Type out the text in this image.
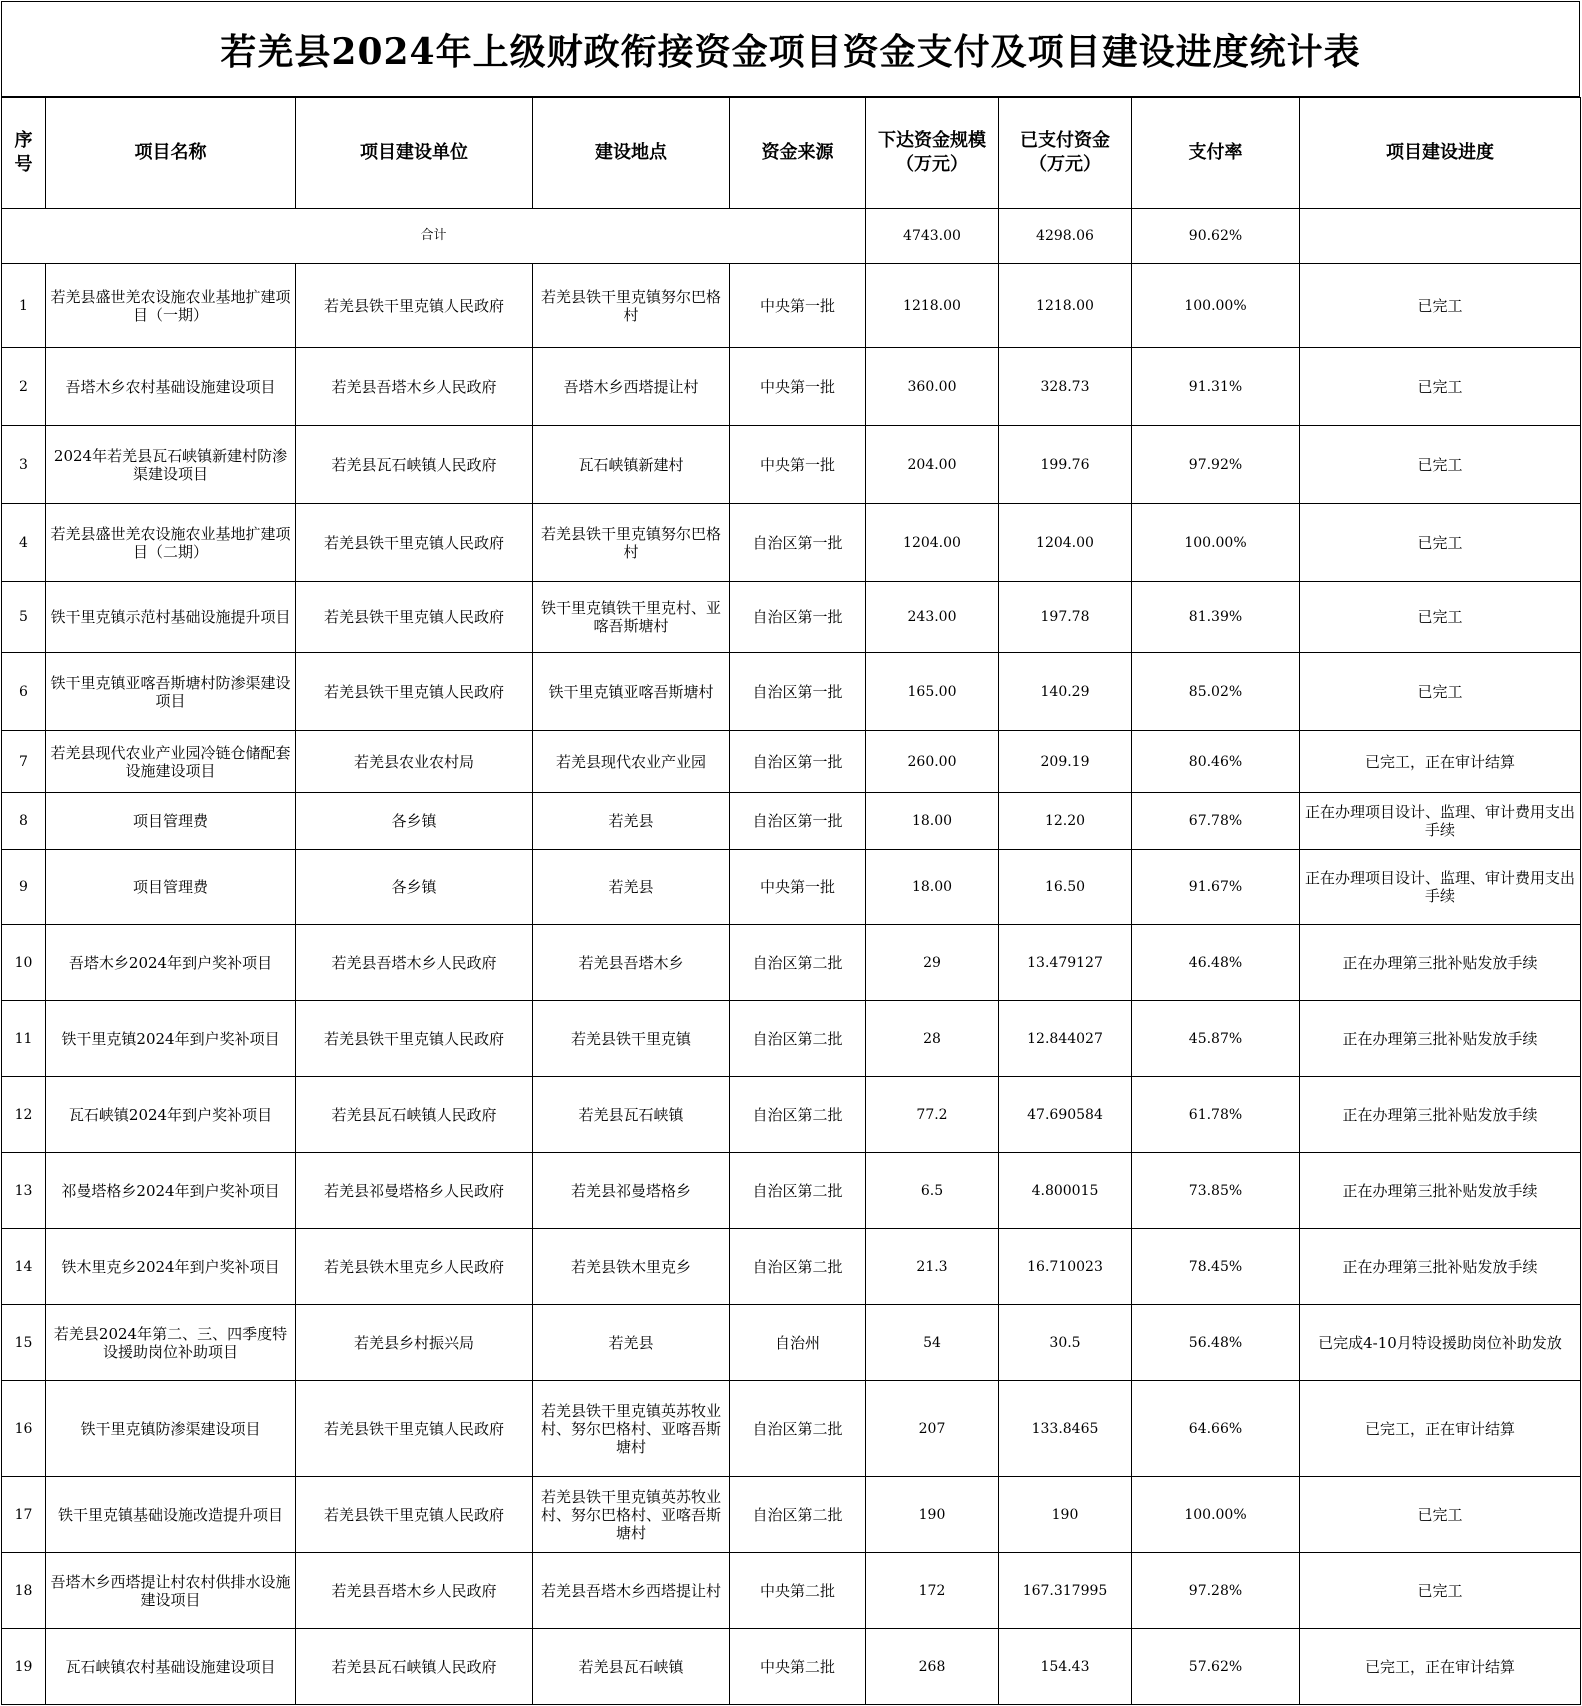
若羌县2024年上级财政衔接资金项目资金支付及项目建设进度统计表
序号	项目名称	项目建设单位	建设地点	资金来源	下达资金规模（万元）	已支付资金（万元）	支付率	项目建设进度
合计					4743.00	4298.06	90.62%	
1	若羌县盛世羌农设施农业基地扩建项目（一期）	若羌县铁干里克镇人民政府	若羌县铁干里克镇努尔巴格村	中央第一批	1218.00	1218.00	100.00%	已完工
2	吾塔木乡农村基础设施建设项目	若羌县吾塔木乡人民政府	吾塔木乡西塔提让村	中央第一批	360.00	328.73	91.31%	已完工
3	2024年若羌县瓦石峡镇新建村防渗渠建设项目	若羌县瓦石峡镇人民政府	瓦石峡镇新建村	中央第一批	204.00	199.76	97.92%	已完工
4	若羌县盛世羌农设施农业基地扩建项目（二期）	若羌县铁干里克镇人民政府	若羌县铁干里克镇努尔巴格村	自治区第一批	1204.00	1204.00	100.00%	已完工
5	铁干里克镇示范村基础设施提升项目	若羌县铁干里克镇人民政府	铁干里克镇铁干里克村、亚喀吾斯塘村	自治区第一批	243.00	197.78	81.39%	已完工
6	铁干里克镇亚喀吾斯塘村防渗渠建设项目	若羌县铁干里克镇人民政府	铁干里克镇亚喀吾斯塘村	自治区第一批	165.00	140.29	85.02%	已完工
7	若羌县现代农业产业园冷链仓储配套设施建设项目	若羌县农业农村局	若羌县现代农业产业园	自治区第一批	260.00	209.19	80.46%	已完工，正在审计结算
8	项目管理费	各乡镇	若羌县	自治区第一批	18.00	12.20	67.78%	正在办理项目设计、监理、审计费用支出手续
9	项目管理费	各乡镇	若羌县	中央第一批	18.00	16.50	91.67%	正在办理项目设计、监理、审计费用支出手续
10	吾塔木乡2024年到户奖补项目	若羌县吾塔木乡人民政府	若羌县吾塔木乡	自治区第二批	29	13.479127	46.48%	正在办理第三批补贴发放手续
11	铁干里克镇2024年到户奖补项目	若羌县铁干里克镇人民政府	若羌县铁干里克镇	自治区第二批	28	12.844027	45.87%	正在办理第三批补贴发放手续
12	瓦石峡镇2024年到户奖补项目	若羌县瓦石峡镇人民政府	若羌县瓦石峡镇	自治区第二批	77.2	47.690584	61.78%	正在办理第三批补贴发放手续
13	祁曼塔格乡2024年到户奖补项目	若羌县祁曼塔格乡人民政府	若羌县祁曼塔格乡	自治区第二批	6.5	4.800015	73.85%	正在办理第三批补贴发放手续
14	铁木里克乡2024年到户奖补项目	若羌县铁木里克乡人民政府	若羌县铁木里克乡	自治区第二批	21.3	16.710023	78.45%	正在办理第三批补贴发放手续
15	若羌县2024年第二、三、四季度特设援助岗位补助项目	若羌县乡村振兴局	若羌县	自治州	54	30.5	56.48%	已完成4-10月特设援助岗位补助发放
16	铁干里克镇防渗渠建设项目	若羌县铁干里克镇人民政府	若羌县铁干里克镇英苏牧业村、努尔巴格村、亚喀吾斯塘村	自治区第二批	207	133.8465	64.66%	已完工，正在审计结算
17	铁干里克镇基础设施改造提升项目	若羌县铁干里克镇人民政府	若羌县铁干里克镇英苏牧业村、努尔巴格村、亚喀吾斯塘村	自治区第二批	190	190	100.00%	已完工
18	吾塔木乡西塔提让村农村供排水设施建设项目	若羌县吾塔木乡人民政府	若羌县吾塔木乡西塔提让村	中央第二批	172	167.317995	97.28%	已完工
19	瓦石峡镇农村基础设施建设项目	若羌县瓦石峡镇人民政府	若羌县瓦石峡镇	中央第二批	268	154.43	57.62%	已完工，正在审计结算
